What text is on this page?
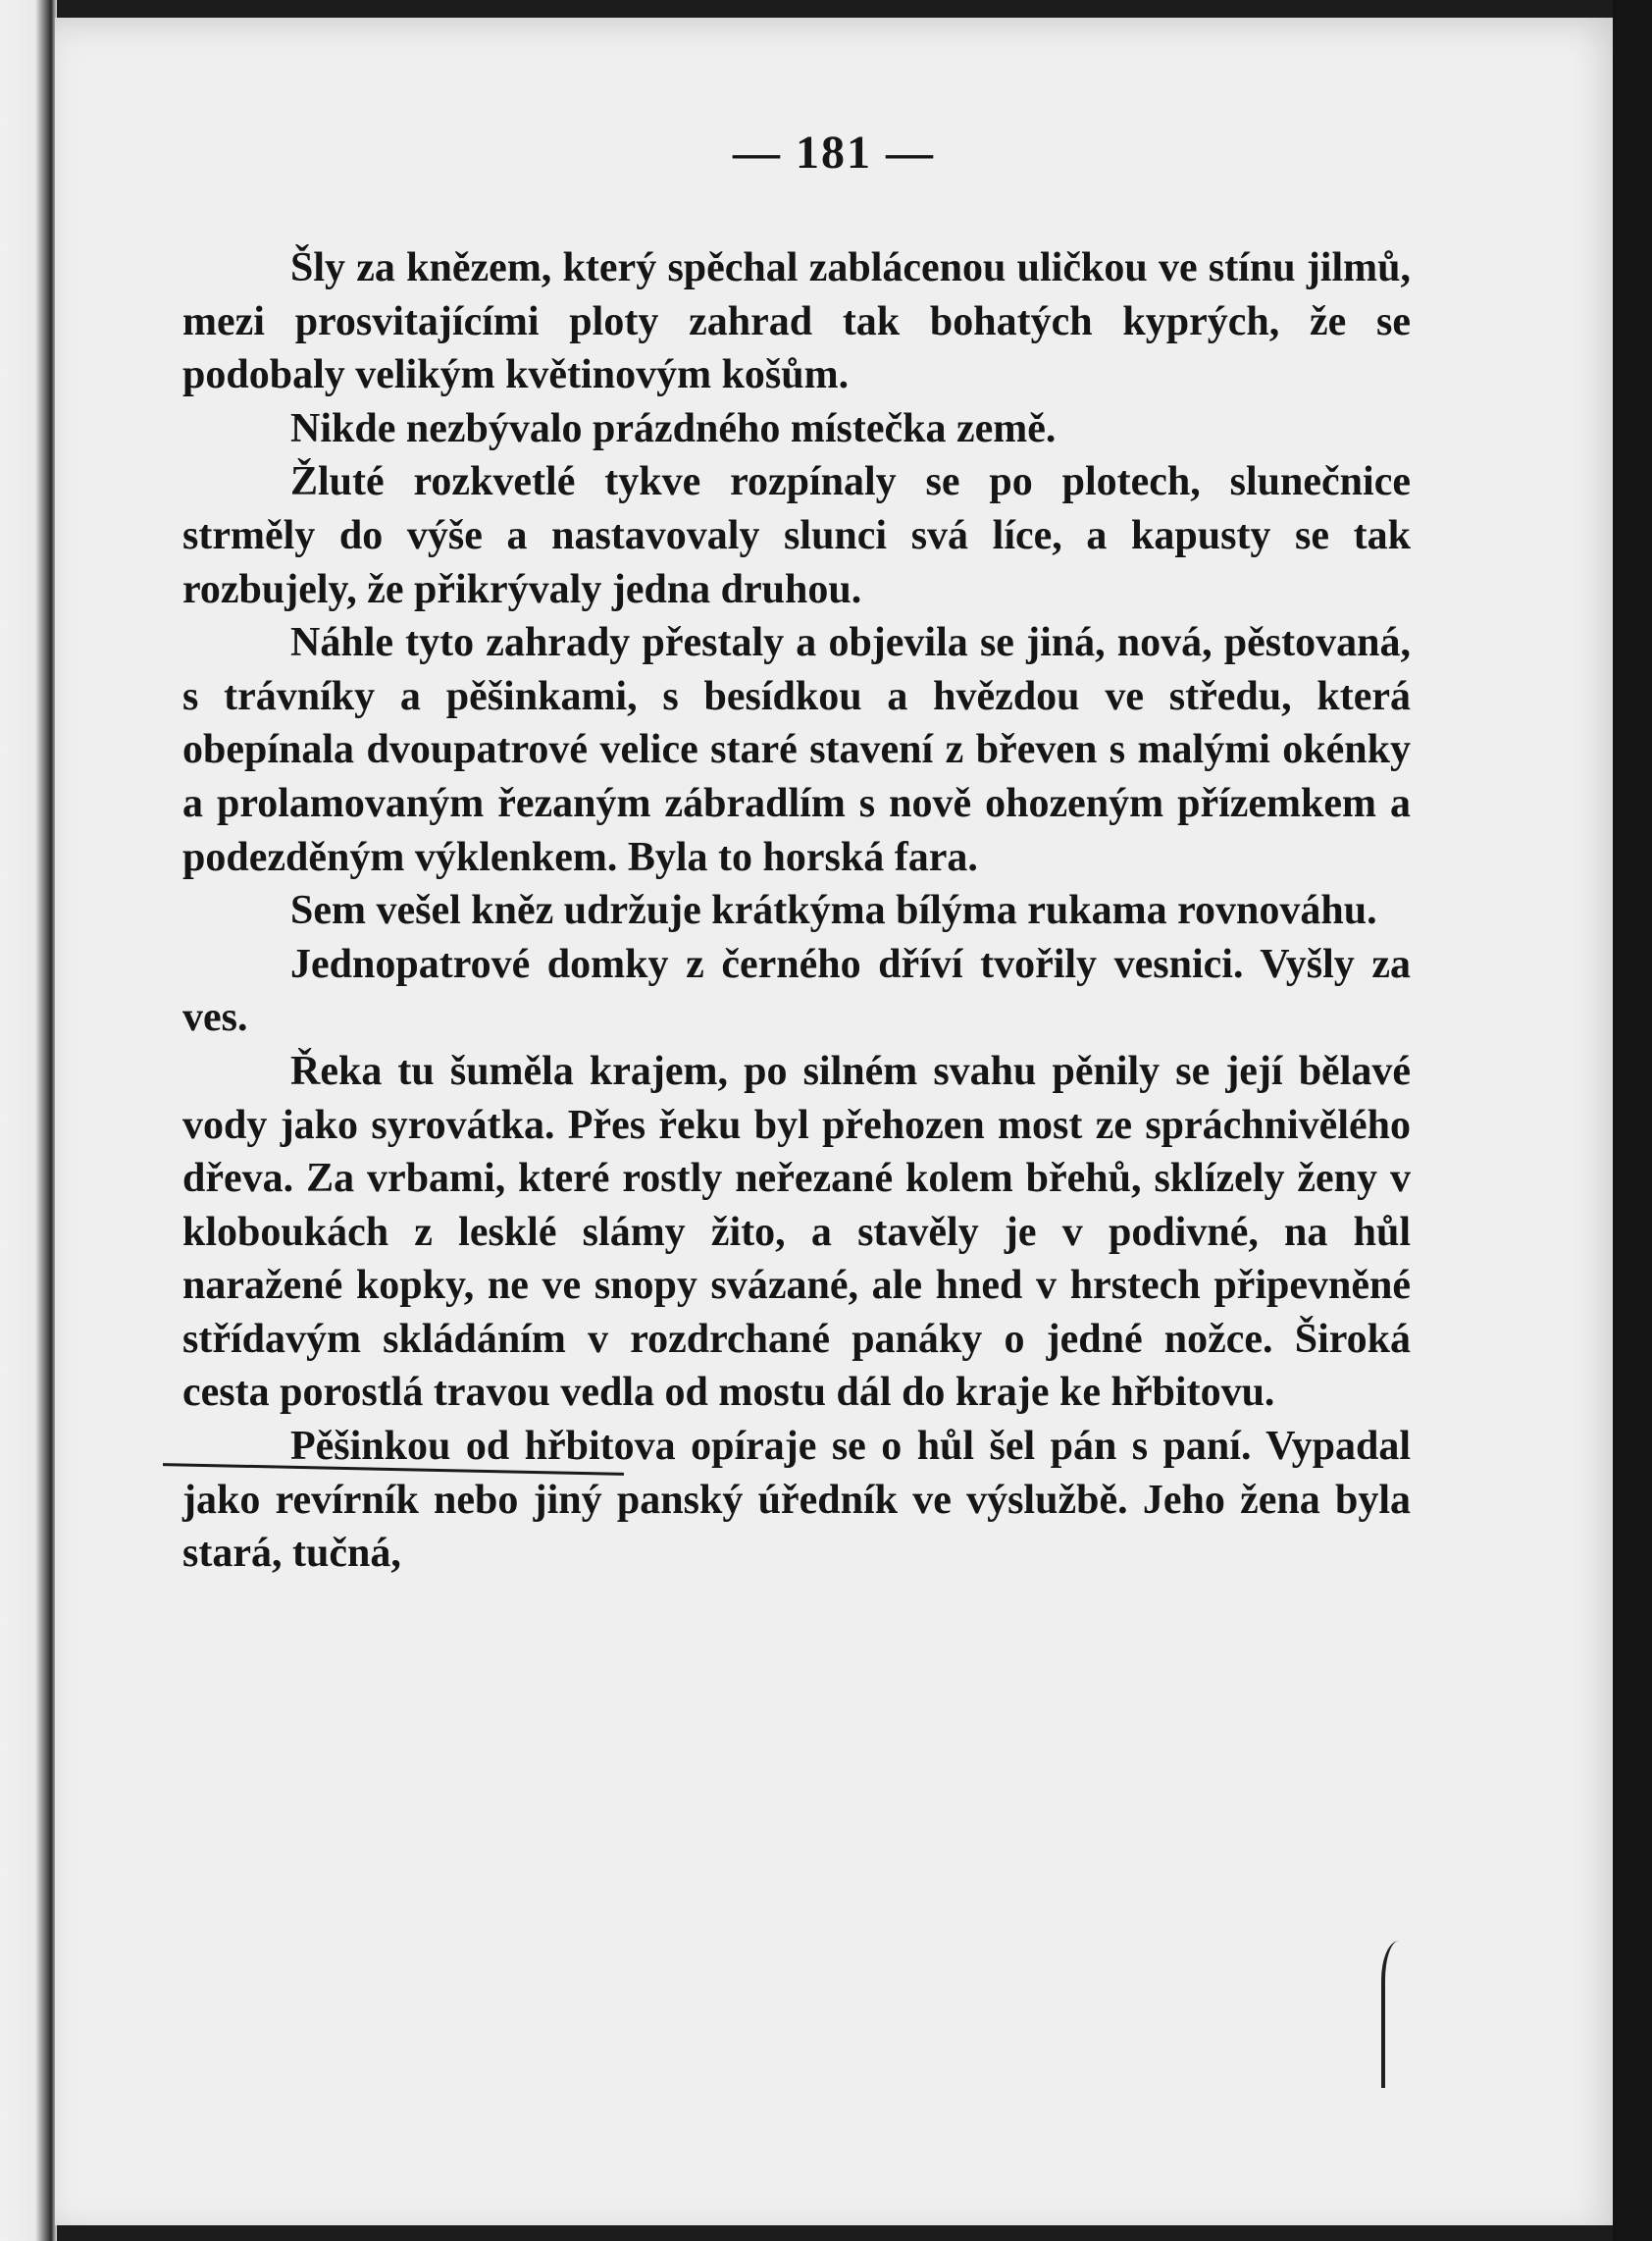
— 181 —

Šly za knězem, který spěchal zablácenou uličkou ve stínu jilmů, mezi prosvitajícími ploty zahrad tak bohatých kyprých, že se podobaly velikým květinovým košům.

Nikde nezbývalo prázdného místečka země.

Žluté rozkvetlé tykve rozpínaly se po plotech, slunečnice strměly do výše a nastavovaly slunci svá líce, a kapusty se tak rozbujely, že přikrývaly jedna druhou.

Náhle tyto zahrady přestaly a objevila se jiná, nová, pěstovaná, s trávníky a pěšinkami, s besídkou a hvězdou ve středu, která obepínala dvoupatrové velice staré stavení z břeven s malými okénky a prolamovaným řezaným zábradlím s nově ohozeným přízemkem a podezděným výklenkem. Byla to horská fara.

Sem vešel kněz udržuje krátkýma bílýma rukama rovnováhu.

Jednopatrové domky z černého dříví tvořily vesnici. Vyšly za ves.

Řeka tu šuměla krajem, po silném svahu pěnily se její bělavé vody jako syrovátka. Přes řeku byl přehozen most ze spráchnivělého dřeva. Za vrbami, které rostly neřezané kolem břehů, sklízely ženy v kloboukách z lesklé slámy žito, a stavěly je v podivné, na hůl naražené kopky, ne ve snopy svázané, ale hned v hrstech připevněné střídavým skládáním v rozdrchané panáky o jedné nožce. Široká cesta porostlá travou vedla od mostu dál do kraje ke hřbitovu.

Pěšinkou od hřbitova opíraje se o hůl šel pán s paní. Vypadal jako revírník nebo jiný panský úředník ve výslužbě. Jeho žena byla stará, tučná,
